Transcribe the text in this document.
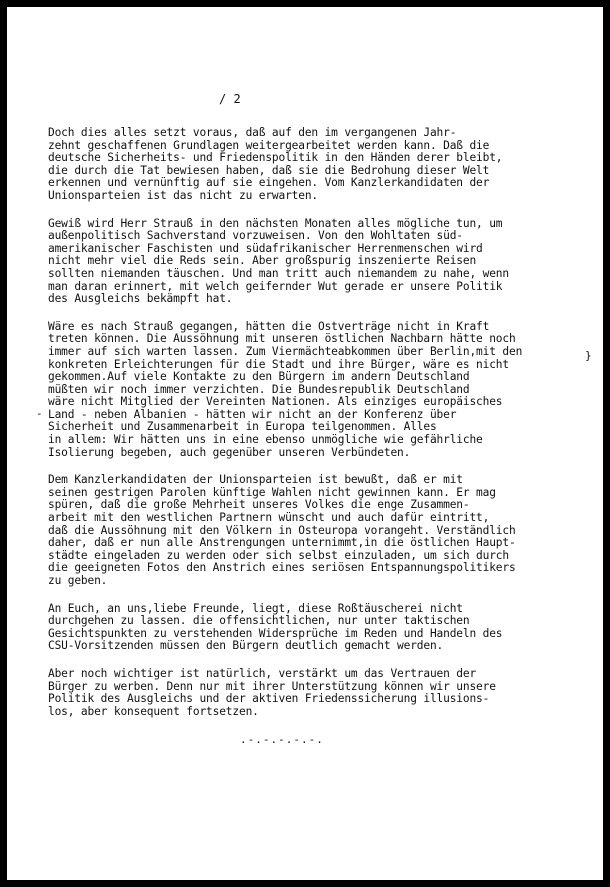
/ 2
}
-
Doch dies alles setzt voraus, daß auf den im vergangenen Jahr-
zehnt geschaffenen Grundlagen weitergearbeitet werden kann. Daß die
deutsche Sicherheits- und Friedenspolitik in den Händen derer bleibt,
die durch die Tat bewiesen haben, daß sie die Bedrohung dieser Welt
erkennen und vernünftig auf sie eingehen. Vom Kanzlerkandidaten der
Unionsparteien ist das nicht zu erwarten.
Gewiß wird Herr Strauß in den nächsten Monaten alles mögliche tun, um
außenpolitisch Sachverstand vorzuweisen. Von den Wohltaten süd-
amerikanischer Faschisten und südafrikanischer Herrenmenschen wird
nicht mehr viel die Reds sein. Aber großspurig inszenierte Reisen
sollten niemanden täuschen. Und man tritt auch niemandem zu nahe, wenn
man daran erinnert, mit welch geifernder Wut gerade er unsere Politik
des Ausgleichs bekämpft hat.
Wäre es nach Strauß gegangen, hätten die Ostverträge nicht in Kraft
treten können. Die Aussöhnung mit unseren östlichen Nachbarn hätte noch
immer auf sich warten lassen. Zum Viermächteabkommen über Berlin,mit den
konkreten Erleichterungen für die Stadt und ihre Bürger, wäre es nicht
gekommen.Auf viele Kontakte zu den Bürgern im andern Deutschland
müßten wir noch immer verzichten. Die Bundesrepublik Deutschland
wäre nicht Mitglied der Vereinten Nationen. Als einziges europäisches
Land - neben Albanien - hätten wir nicht an der Konferenz über
Sicherheit und Zusammenarbeit in Europa teilgenommen. Alles
in allem: Wir hätten uns in eine ebenso unmögliche wie gefährliche
Isolierung begeben, auch gegenüber unseren Verbündeten.
Dem Kanzlerkandidaten der Unionsparteien ist bewußt, daß er mit
seinen gestrigen Parolen künftige Wahlen nicht gewinnen kann. Er mag
spüren, daß die große Mehrheit unseres Volkes die enge Zusammen-
arbeit mit den westlichen Partnern wünscht und auch dafür eintritt,
daß die Aussöhnung mit den Völkern in Osteuropa vorangeht. Verständlich
daher, daß er nun alle Anstrengungen unternimmt,in die östlichen Haupt-
städte eingeladen zu werden oder sich selbst einzuladen, um sich durch
die geeigneten Fotos den Anstrich eines seriösen Entspannungspolitikers
zu geben.
An Euch, an uns,liebe Freunde, liegt, diese Roßtäuscherei nicht
durchgehen zu lassen. die offensichtlichen, nur unter taktischen
Gesichtspunkten zu verstehenden Widersprüche im Reden und Handeln des
CSU-Vorsitzenden müssen den Bürgern deutlich gemacht werden.
Aber noch wichtiger ist natürlich, verstärkt um das Vertrauen der
Bürger zu werben. Denn nur mit ihrer Unterstützung können wir unsere
Politik des Ausgleichs und der aktiven Friedenssicherung illusions-
los, aber konsequent fortsetzen.
.-.-.-.-.-.
